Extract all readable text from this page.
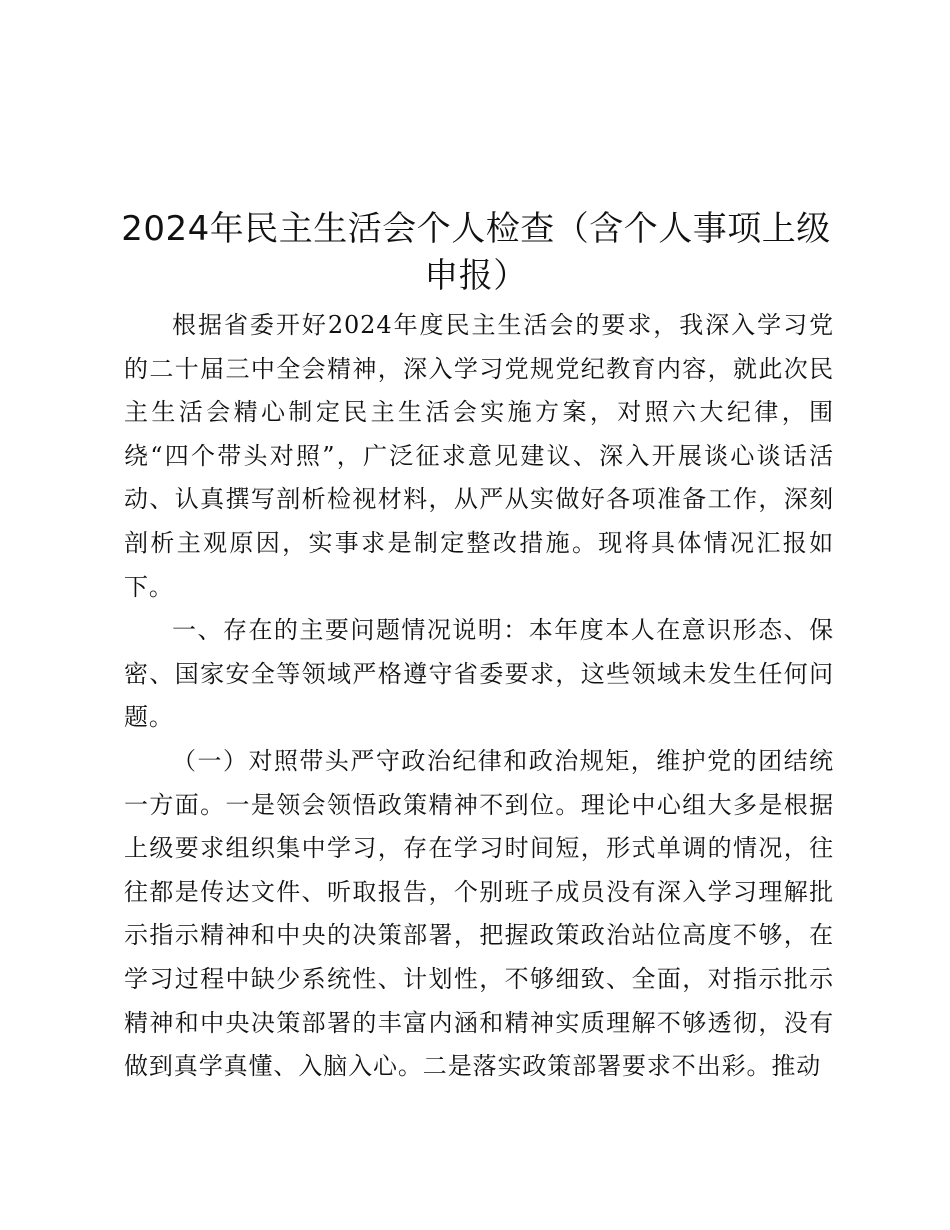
2024年民主生活会个人检查（含个人事项上级申报）

根据省委开好2024年度民主生活会的要求，我深入学习党的二十届三中全会精神，深入学习党规党纪教育内容，就此次民主生活会精心制定民主生活会实施方案，对照六大纪律，围绕“四个带头对照”，广泛征求意见建议、深入开展谈心谈话活动、认真撰写剖析检视材料，从严从实做好各项准备工作，深刻剖析主观原因，实事求是制定整改措施。现将具体情况汇报如下。

一、存在的主要问题情况说明：本年度本人在意识形态、保密、国家安全等领域严格遵守省委要求，这些领域未发生任何问题。

（一）对照带头严守政治纪律和政治规矩，维护党的团结统一方面。一是领会领悟政策精神不到位。理论中心组大多是根据上级要求组织集中学习，存在学习时间短，形式单调的情况，往往都是传达文件、听取报告，个别班子成员没有深入学习理解批示指示精神和中央的决策部署，把握政策政治站位高度不够，在学习过程中缺少系统性、计划性，不够细致、全面，对指示批示精神和中央决策部署的丰富内涵和精神实质理解不够透彻，没有做到真学真懂、入脑入心。二是落实政策部署要求不出彩。推动
